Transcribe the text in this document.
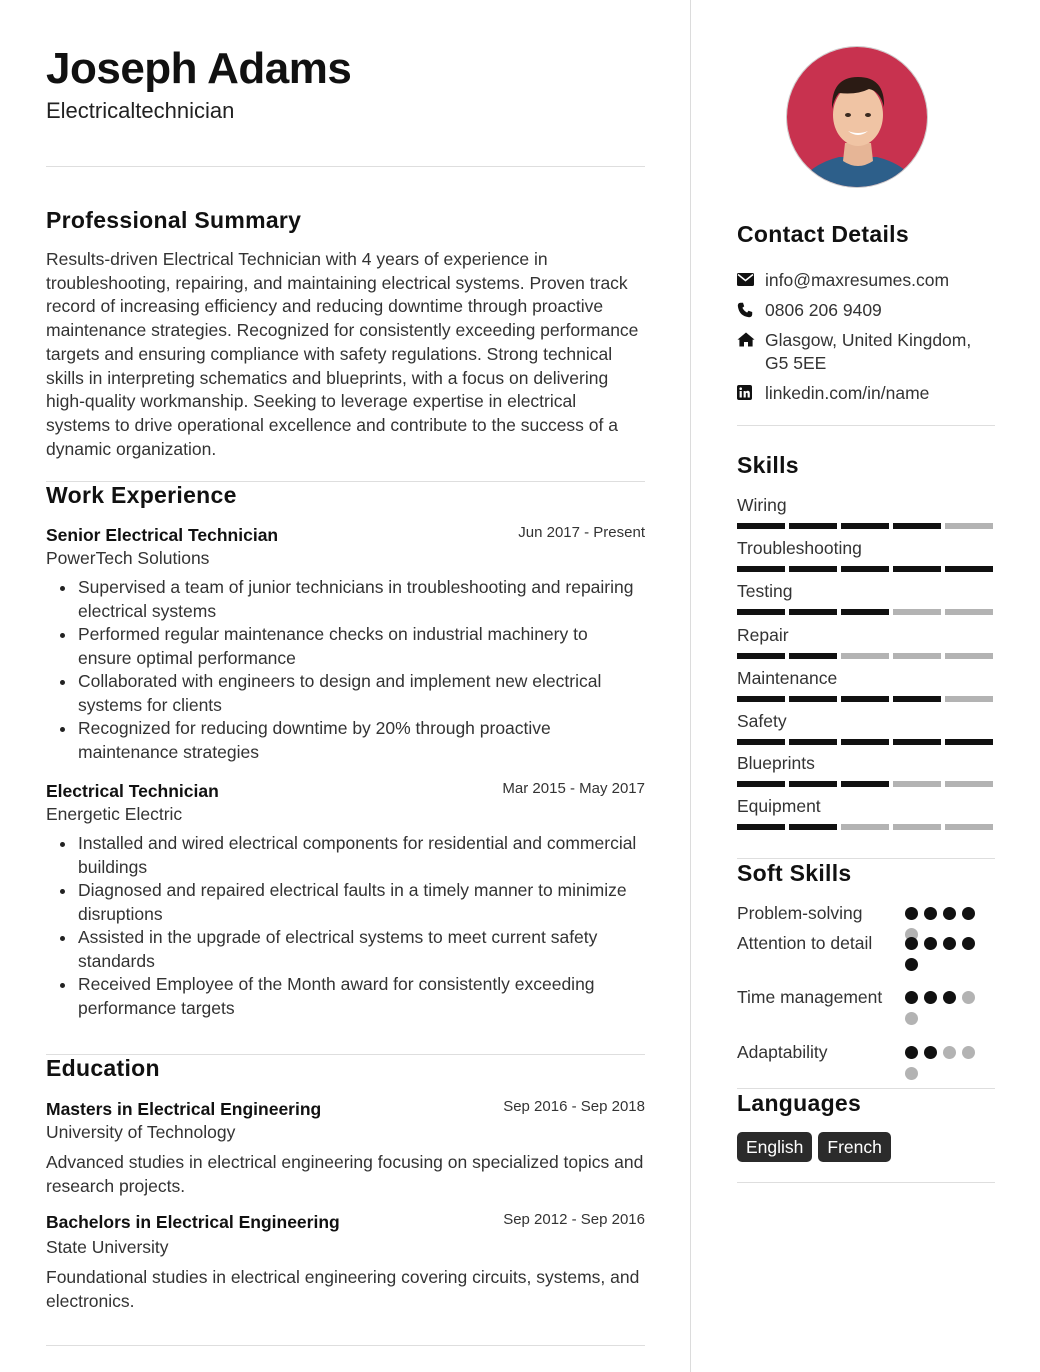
Joseph Adams
Electricaltechnician
Professional Summary
Results-driven Electrical Technician with 4 years of experience in troubleshooting, repairing, and maintaining electrical systems. Proven track record of increasing efficiency and reducing downtime through proactive maintenance strategies. Recognized for consistently exceeding performance targets and ensuring compliance with safety regulations. Strong technical skills in interpreting schematics and blueprints, with a focus on delivering high-quality workmanship. Seeking to leverage expertise in electrical systems to drive operational excellence and contribute to the success of a dynamic organization.
Work Experience
Senior Electrical Technician	Jun 2017 - Present
PowerTech Solutions
Supervised a team of junior technicians in troubleshooting and repairing electrical systems
Performed regular maintenance checks on industrial machinery to ensure optimal performance
Collaborated with engineers to design and implement new electrical systems for clients
Recognized for reducing downtime by 20% through proactive maintenance strategies
Electrical Technician	Mar 2015 - May 2017
Energetic Electric
Installed and wired electrical components for residential and commercial buildings
Diagnosed and repaired electrical faults in a timely manner to minimize disruptions
Assisted in the upgrade of electrical systems to meet current safety standards
Received Employee of the Month award for consistently exceeding performance targets
Education
Masters in Electrical Engineering	Sep 2016 - Sep 2018
University of Technology
Advanced studies in electrical engineering focusing on specialized topics and research projects.
Bachelors in Electrical Engineering	Sep 2012 - Sep 2016
State University
Foundational studies in electrical engineering covering circuits, systems, and electronics.
Contact Details
info@maxresumes.com
0806 206 9409
Glasgow, United Kingdom, G5 5EE
linkedin.com/in/name
Skills
Wiring
Troubleshooting
Testing
Repair
Maintenance
Safety
Blueprints
Equipment
Soft Skills
Problem-solving
Attention to detail
Time management
Adaptability
Languages
English	French
